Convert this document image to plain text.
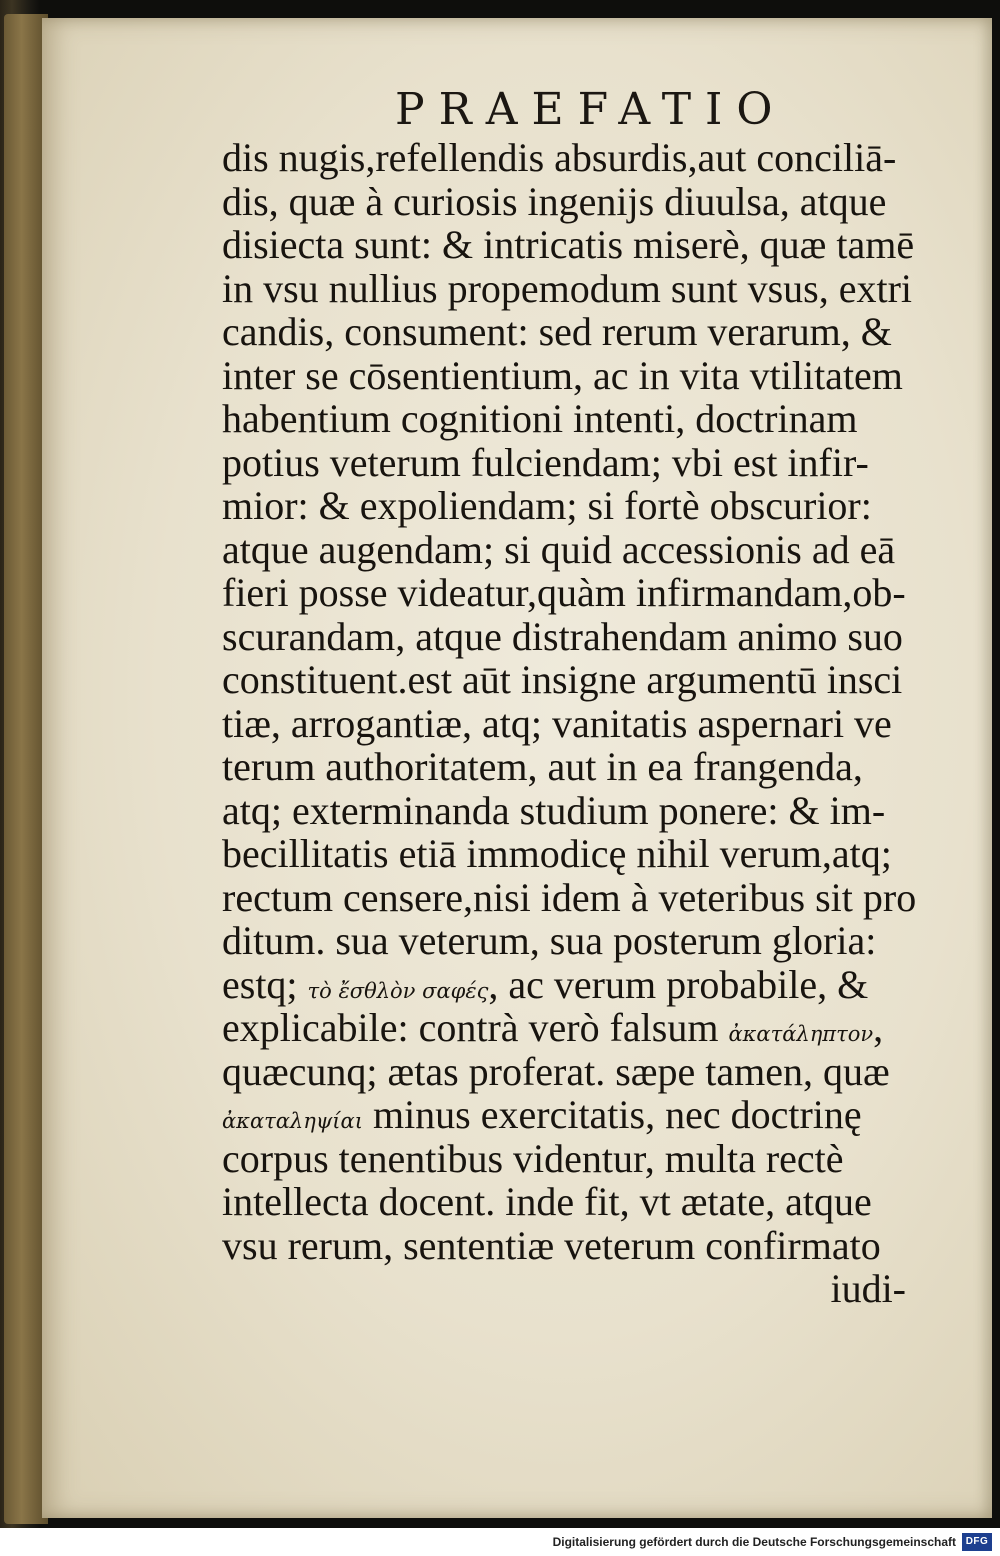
PRAEFATIO
dis nugis,refellendis absurdis,aut conciliā-
dis, quæ à curiosis ingenijs diuulsa, atque
disiecta sunt: & intricatis miserè, quæ tamē
in vsu nullius propemodum sunt vsus, extri
candis, consument: sed rerum verarum, &
inter se cōsentientium, ac in vita vtilitatem
habentium cognitioni intenti, doctrinam
potius veterum fulciendam; vbi est infir-
mior: & expoliendam; si fortè obscurior:
atque augendam; si quid accessionis ad eā
fieri posse videatur,quàm infirmandam,ob-
scurandam, atque distrahendam animo suo
constituent.est aūt insigne argumentū insci
tiæ, arrogantiæ, atq; vanitatis aspernari ve
terum authoritatem, aut in ea frangenda,
atq; exterminanda studium ponere: & im-
becillitatis etiā immodicę nihil verum,atq;
rectum censere,nisi idem à veteribus sit pro
ditum. sua veterum, sua posterum gloria:
estq; τὸ ἔσθλὸν σαφές, ac verum probabile, &
explicabile: contrà verò falsum ἀκατάληπτον,
quæcunq; ætas proferat. sæpe tamen, quæ
ἀκαταληψίαι minus exercitatis, nec doctrinę
corpus tenentibus videntur, multa rectè
intellecta docent. inde fit, vt ætate, atque
vsu rerum, sententiæ veterum confirmato
iudi-
Digitalisierung gefördert durch die Deutsche Forschungsgemeinschaft DFG
